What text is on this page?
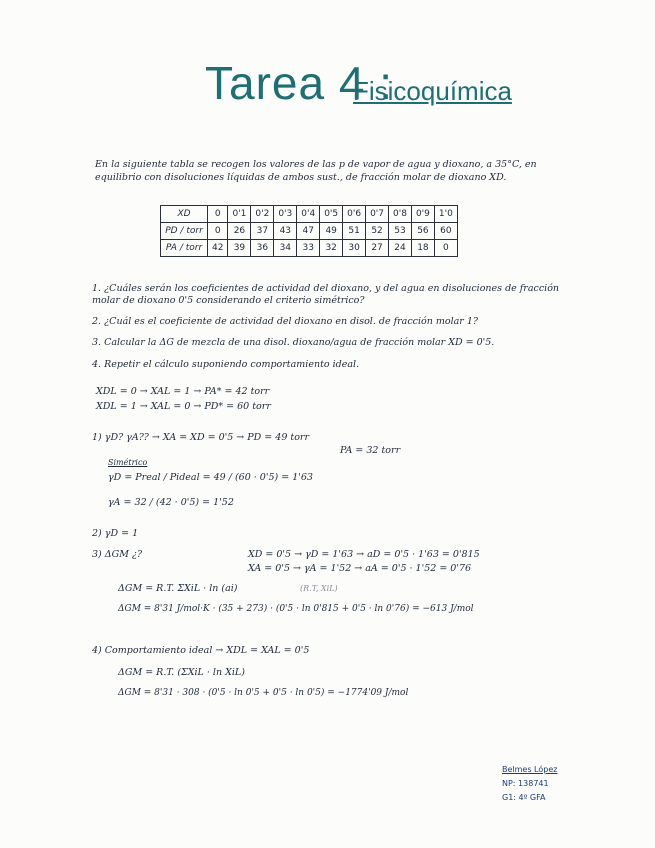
Tarea 4 :
Fisicoquímica
En la siguiente tabla se recogen los valores de las p de vapor de agua y dioxano, a 35°C, en equilibrio con disoluciones líquidas de ambos sust., de fracción molar de dioxano XD.
XD	0	0'1	0'2	0'3	0'4	0'5	0'6	0'7	0'8	0'9	1'0
PD / torr	0	26	37	43	47	49	51	52	53	56	60
PA / torr	42	39	36	34	33	32	30	27	24	18	0
1. ¿Cuáles serán los coeficientes de actividad del dioxano, y del agua en disoluciones de fracción molar de dioxano 0'5 considerando el criterio simétrico?
2. ¿Cuál es el coeficiente de actividad del dioxano en disol. de fracción molar 1?
3. Calcular la ΔG de mezcla de una disol. dioxano/agua de fracción molar XD = 0'5.
4. Repetir el cálculo suponiendo comportamiento ideal.
XDL = 0 → XAL = 1 → PA* = 42 torr
XDL = 1 → XAL = 0 → PD* = 60 torr
1) γD? γA?? → XA = XD = 0'5 → PD = 49 torr
PA = 32 torr
Simétrico
γD = Preal / Pideal = 49 / (60 · 0'5) = 1'63
γA = 32 / (42 · 0'5) = 1'52
2) γD = 1
3) ΔGM ¿?	XD = 0'5 → γD = 1'63 → aD = 0'5 · 1'63 = 0'815
XA = 0'5 → γA = 1'52 → aA = 0'5 · 1'52 = 0'76
ΔGM = R.T. ΣXiL · ln (ai)	(R.T, XiL)
ΔGM = 8'31 J/mol·K · (35 + 273) · (0'5 · ln 0'815 + 0'5 · ln 0'76) = −613 J/mol
4) Comportamiento ideal → XDL = XAL = 0'5
ΔGM = R.T. (ΣXiL · ln XiL)
ΔGM = 8'31 · 308 · (0'5 · ln 0'5 + 0'5 · ln 0'5) = −1774'09 J/mol
Belmes López
NP: 138741
G1: 4º GFA
